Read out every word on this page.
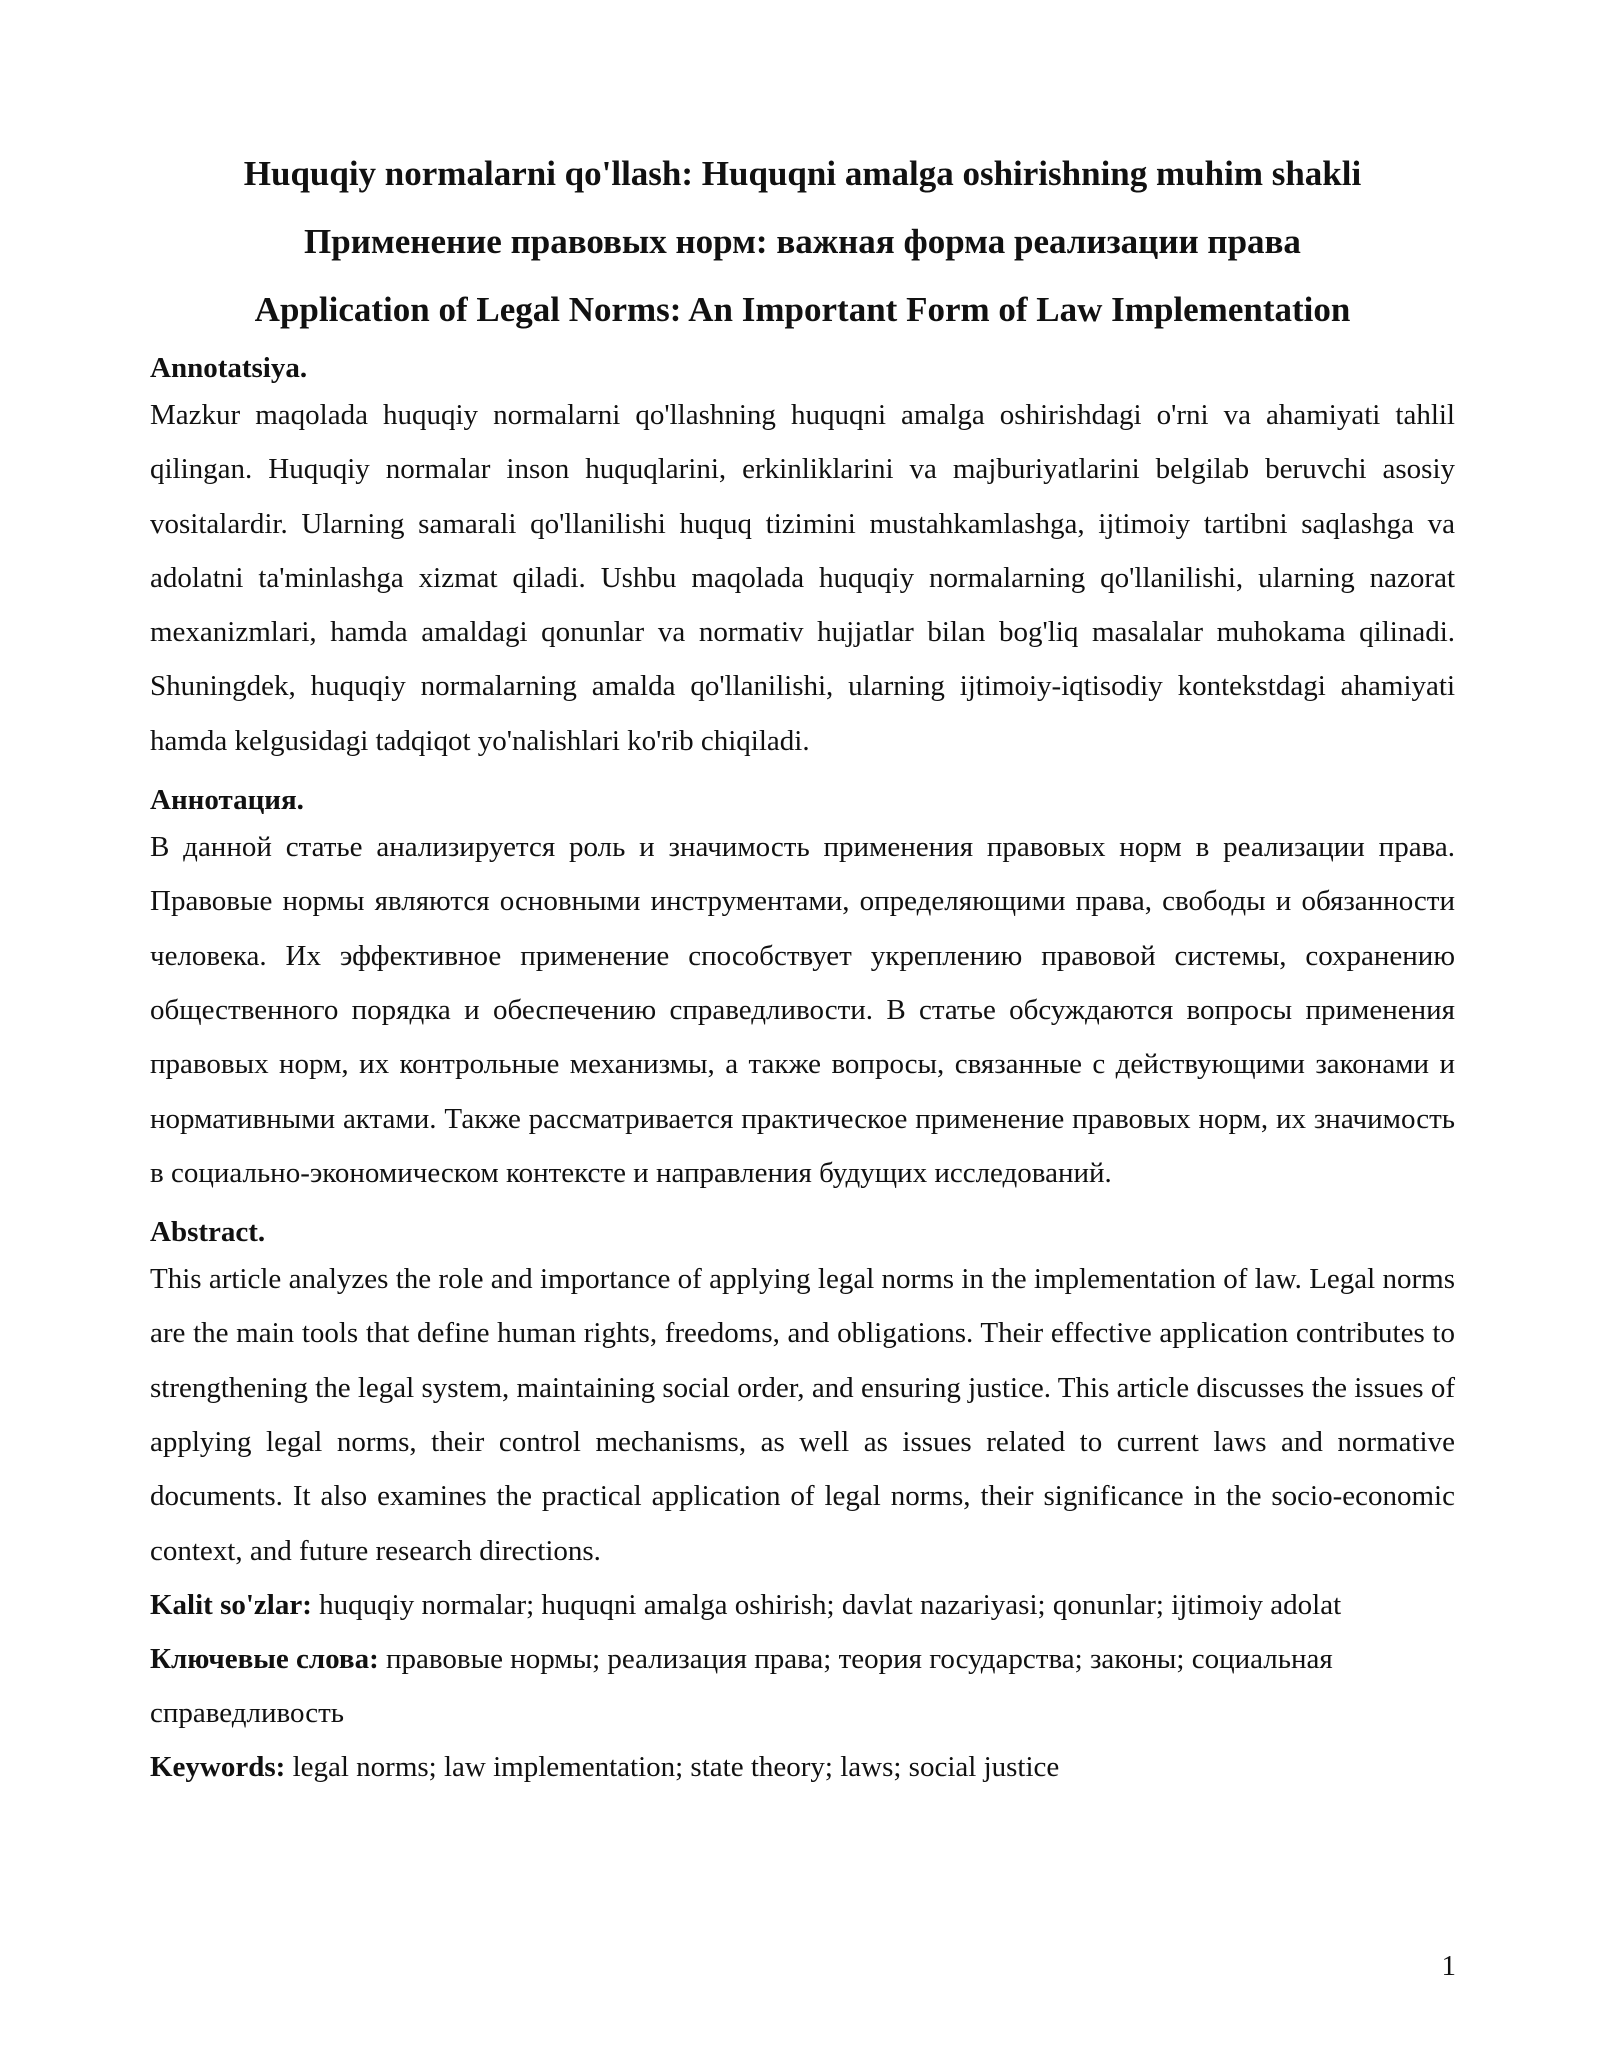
Huquqiy normalarni qo'llash: Huquqni amalga oshirishning muhim shakli
Применение правовых норм: важная форма реализации права
Application of Legal Norms: An Important Form of Law Implementation
Annotatsiya.

Mazkur maqolada huquqiy normalarni qo'llashning huquqni amalga oshirishdagi o'rni va ahamiyati tahlil qilingan. Huquqiy normalar inson huquqlarini, erkinliklarini va majburiyatlarini belgilab beruvchi asosiy vositalardir. Ularning samarali qo'llanilishi huquq tizimini mustahkamlashga, ijtimoiy tartibni saqlashga va adolatni ta'minlashga xizmat qiladi. Ushbu maqolada huquqiy normalarning qo'llanilishi, ularning nazorat mexanizmlari, hamda amaldagi qonunlar va normativ hujjatlar bilan bog'liq masalalar muhokama qilinadi. Shuningdek, huquqiy normalarning amalda qo'llanilishi, ularning ijtimoiy-iqtisodiy kontekstdagi ahamiyati hamda kelgusidagi tadqiqot yo'nalishlari ko'rib chiqiladi.

Аннотация.

В данной статье анализируется роль и значимость применения правовых норм в реализации права. Правовые нормы являются основными инструментами, определяющими права, свободы и обязанности человека. Их эффективное применение способствует укреплению правовой системы, сохранению общественного порядка и обеспечению справедливости. В статье обсуждаются вопросы применения правовых норм, их контрольные механизмы, а также вопросы, связанные с действующими законами и нормативными актами. Также рассматривается практическое применение правовых норм, их значимость в социально-экономическом контексте и направления будущих исследований.

Abstract.

This article analyzes the role and importance of applying legal norms in the implementation of law. Legal norms are the main tools that define human rights, freedoms, and obligations. Their effective application contributes to strengthening the legal system, maintaining social order, and ensuring justice. This article discusses the issues of applying legal norms, their control mechanisms, as well as issues related to current laws and normative documents. It also examines the practical application of legal norms, their significance in the socio-economic context, and future research directions.

Kalit so'zlar: huquqiy normalar; huquqni amalga oshirish; davlat nazariyasi; qonunlar; ijtimoiy adolat

Ключевые слова: правовые нормы; реализация права; теория государства; законы; социальная справедливость

Keywords: legal norms; law implementation; state theory; laws; social justice

1
